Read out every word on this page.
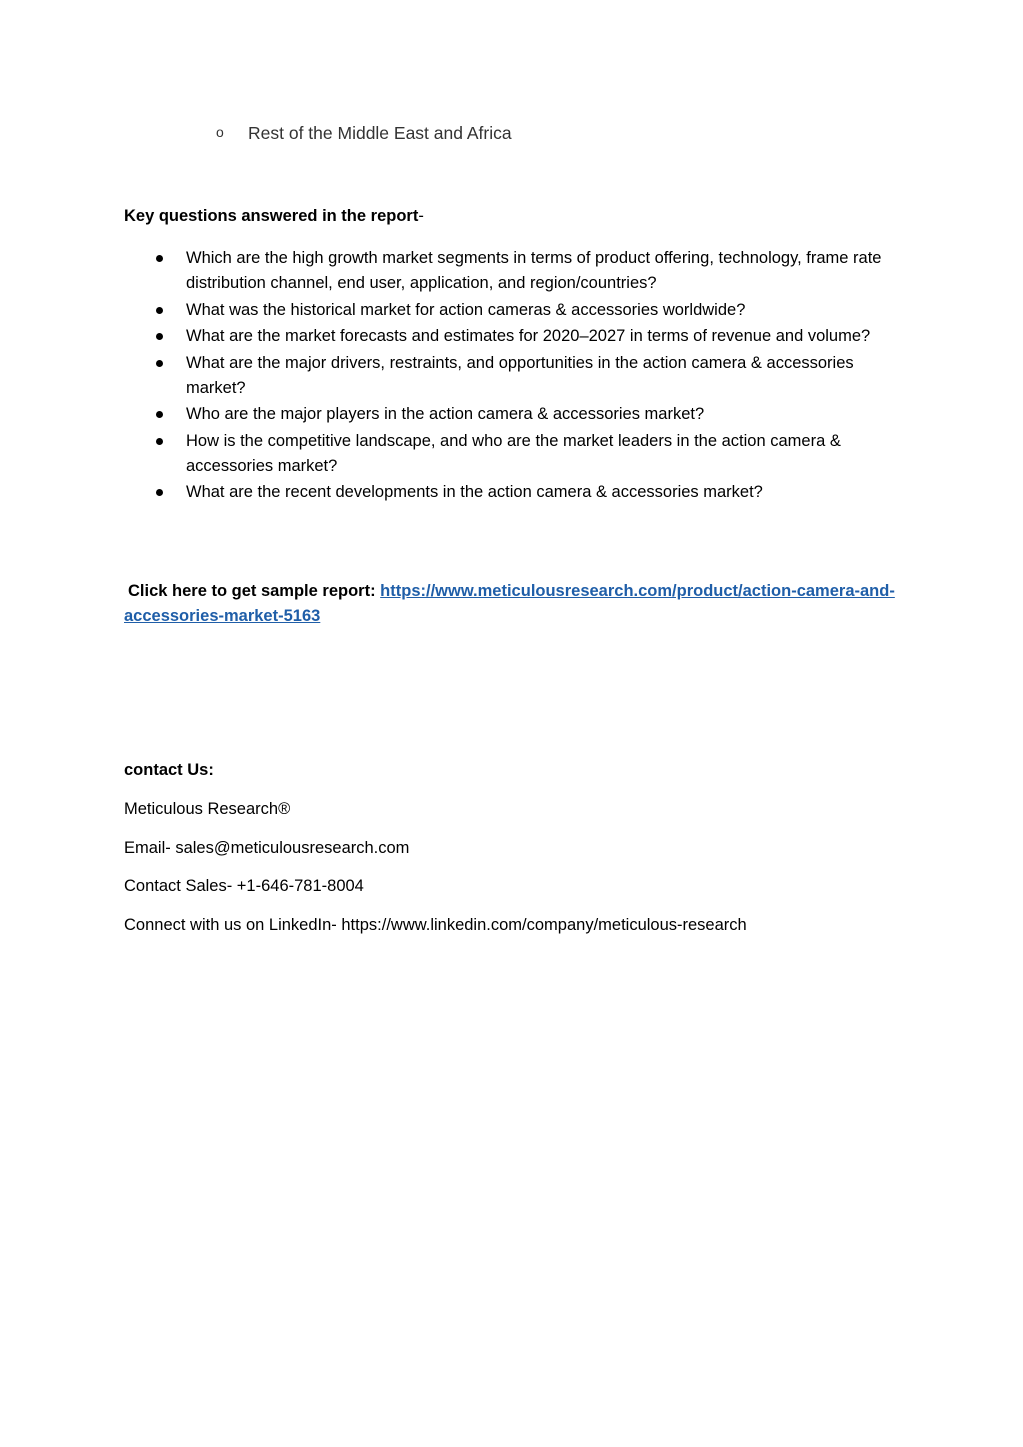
o Rest of the Middle East and Africa
Key questions answered in the report-
Which are the high growth market segments in terms of product offering, technology, frame rate distribution channel, end user, application, and region/countries?
What was the historical market for action cameras & accessories worldwide?
What are the market forecasts and estimates for 2020–2027 in terms of revenue and volume?
What are the major drivers, restraints, and opportunities in the action camera & accessories market?
Who are the major players in the action camera & accessories market?
How is the competitive landscape, and who are the market leaders in the action camera & accessories market?
What are the recent developments in the action camera & accessories market?
Click here to get sample report: https://www.meticulousresearch.com/product/action-camera-and-accessories-market-5163
contact Us:
Meticulous Research®
Email- sales@meticulousresearch.com
Contact Sales- +1-646-781-8004
Connect with us on LinkedIn- https://www.linkedin.com/company/meticulous-research
